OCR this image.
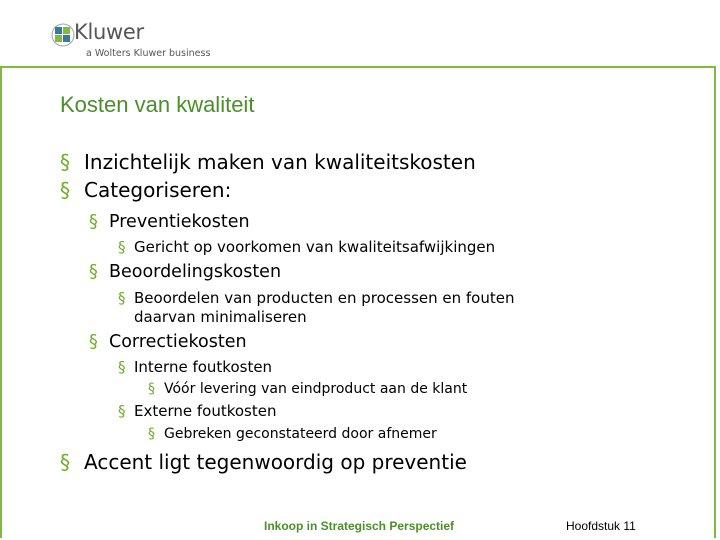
Kluwer
a Wolters Kluwer business
Kosten van kwaliteit
§ Inzichtelijk maken van kwaliteitskosten
§ Categoriseren:
§ Preventiekosten
§ Gericht op voorkomen van kwaliteitsafwijkingen
§ Beoordelingskosten
§ Beoordelen van producten en processen en fouten
daarvan minimaliseren
§ Correctiekosten
§ Interne foutkosten
§ Vóór levering van eindproduct aan de klant
§ Externe foutkosten
§ Gebreken geconstateerd door afnemer
§ Accent ligt tegenwoordig op preventie
Inkoop in Strategisch Perspectief	Hoofdstuk 11
